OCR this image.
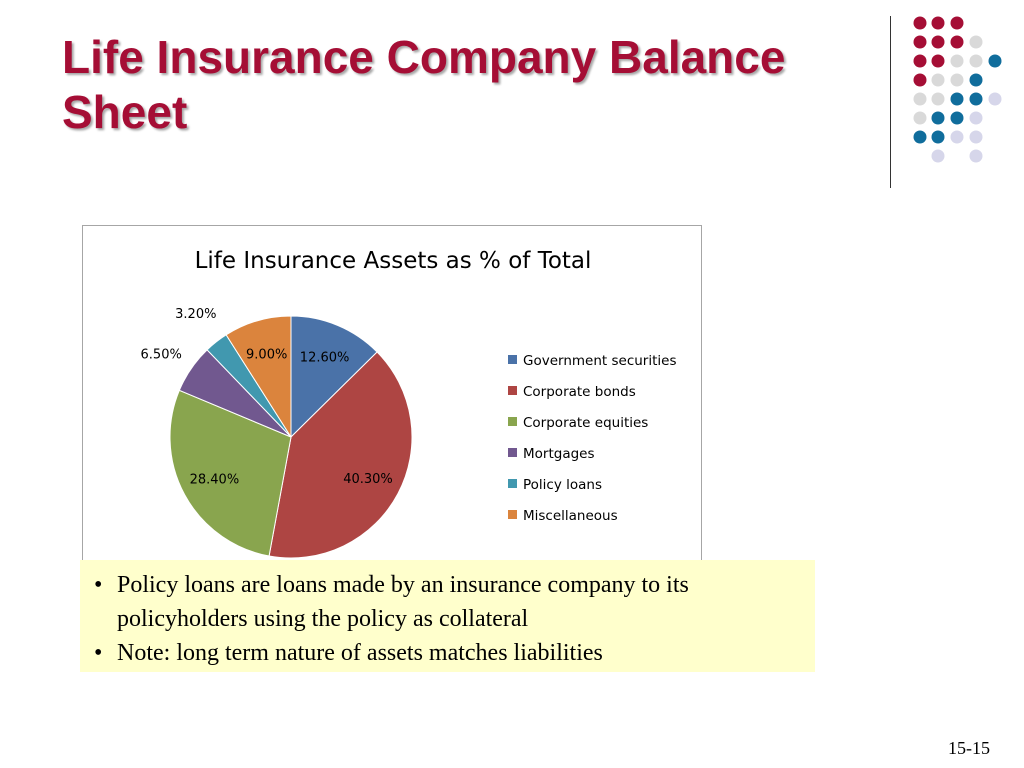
Life Insurance Company Balance Sheet
Life Insurance Assets as % of Total
12.60%
40.30%
28.40%
6.50%
3.20%
9.00%	Government securities
Corporate bonds
Corporate equities
Mortgages
Policy loans
Miscellaneous
• Policy loans are loans made by an insurance company to its policyholders using the policy as collateral
• Note: long term nature of assets matches liabilities
15-15
